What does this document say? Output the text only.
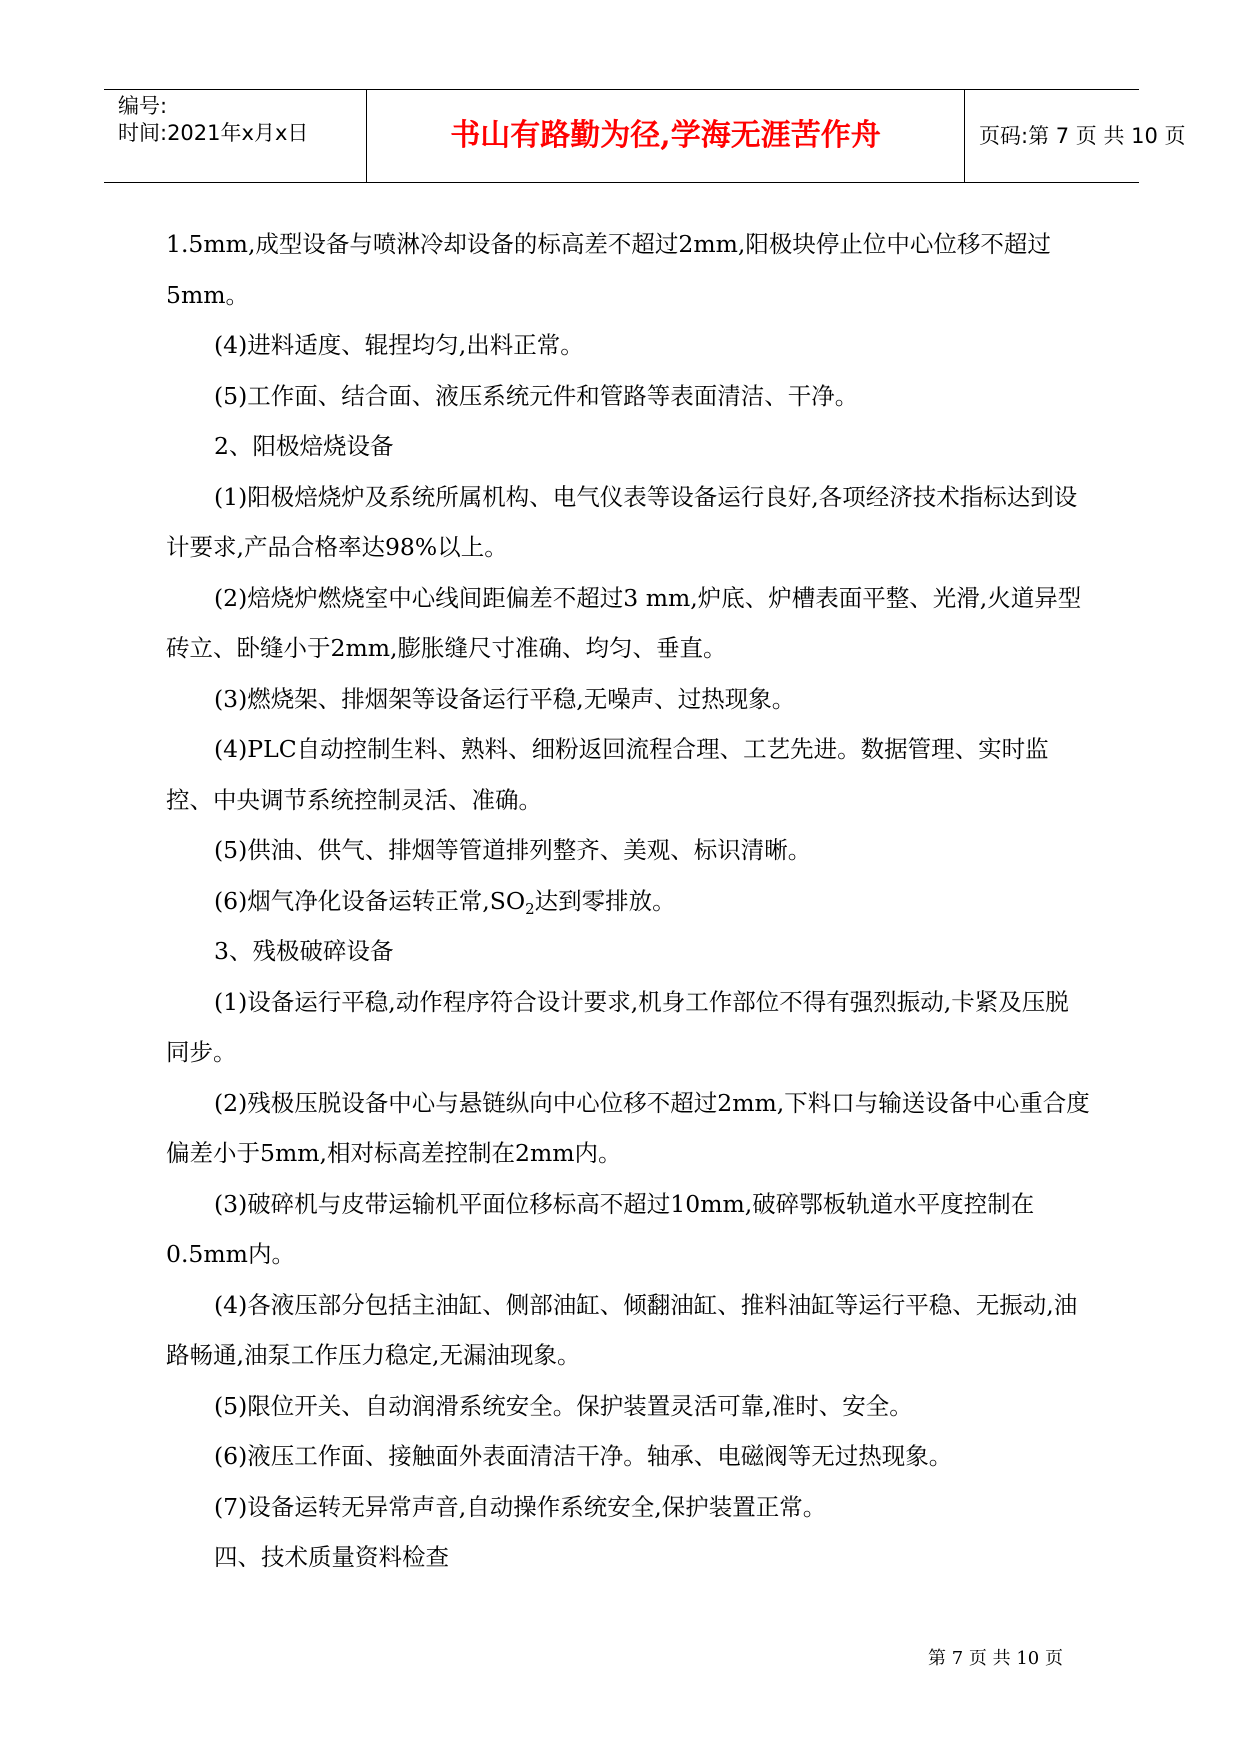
编号:
时间:2021年x月x日	书山有路勤为径,学海无涯苦作舟	页码:第 7 页 共 10 页

1.5mm,成型设备与喷淋冷却设备的标高差不超过2mm,阳极块停止位中心位移不超过5mm。

(4)进料适度、辊捏均匀,出料正常。

(5)工作面、结合面、液压系统元件和管路等表面清洁、干净。

2、阳极焙烧设备

(1)阳极焙烧炉及系统所属机构、电气仪表等设备运行良好,各项经济技术指标达到设计要求,产品合格率达98%以上。

(2)焙烧炉燃烧室中心线间距偏差不超过3 mm,炉底、炉槽表面平整、光滑,火道异型砖立、卧缝小于2mm,膨胀缝尺寸准确、均匀、垂直。

(3)燃烧架、排烟架等设备运行平稳,无噪声、过热现象。

(4)PLC自动控制生料、熟料、细粉返回流程合理、工艺先进。数据管理、实时监控、中央调节系统控制灵活、准确。

(5)供油、供气、排烟等管道排列整齐、美观、标识清晰。

(6)烟气净化设备运转正常$,SO_2$达到零排放。

3、残极破碎设备

(1)设备运行平稳,动作程序符合设计要求,机身工作部位不得有强烈振动,卡紧及压脱同步。

(2)残极压脱设备中心与悬链纵向中心位移不超过2mm,下料口与输送设备中心重合度偏差小于5mm,相对标高差控制在2mm内。

(3)破碎机与皮带运输机平面位移标高不超过10mm,破碎鄂板轨道水平度控制在0.5mm内。

(4)各液压部分包括主油缸、侧部油缸、倾翻油缸、推料油缸等运行平稳、无振动,油路畅通,油泵工作压力稳定,无漏油现象。

(5)限位开关、自动润滑系统安全。保护装置灵活可靠,准时、安全。

(6)液压工作面、接触面外表面清洁干净。轴承、电磁阀等无过热现象。

(7)设备运转无异常声音,自动操作系统安全,保护装置正常。

四、技术质量资料检查

第 7 页 共 10 页
